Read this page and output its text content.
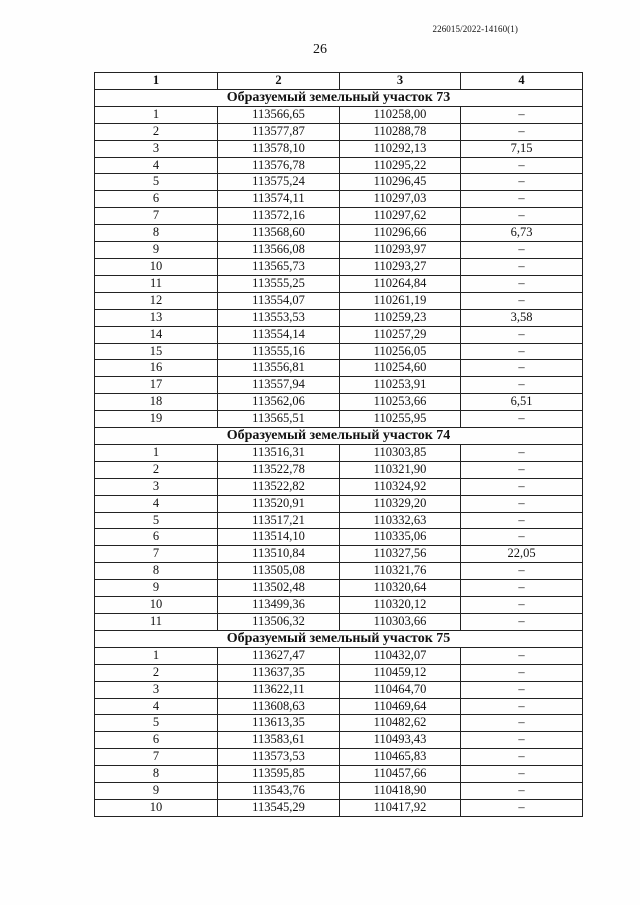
226015/2022-14160(1)
26
1	2	3	4
Образуемый земельный участок 73			
1	113566,65	110258,00	–
2	113577,87	110288,78	–
3	113578,10	110292,13	7,15
4	113576,78	110295,22	–
5	113575,24	110296,45	–
6	113574,11	110297,03	–
7	113572,16	110297,62	–
8	113568,60	110296,66	6,73
9	113566,08	110293,97	–
10	113565,73	110293,27	–
11	113555,25	110264,84	–
12	113554,07	110261,19	–
13	113553,53	110259,23	3,58
14	113554,14	110257,29	–
15	113555,16	110256,05	–
16	113556,81	110254,60	–
17	113557,94	110253,91	–
18	113562,06	110253,66	6,51
19	113565,51	110255,95	–
Образуемый земельный участок 74			
1	113516,31	110303,85	–
2	113522,78	110321,90	–
3	113522,82	110324,92	–
4	113520,91	110329,20	–
5	113517,21	110332,63	–
6	113514,10	110335,06	–
7	113510,84	110327,56	22,05
8	113505,08	110321,76	–
9	113502,48	110320,64	–
10	113499,36	110320,12	–
11	113506,32	110303,66	–
Образуемый земельный участок 75			
1	113627,47	110432,07	–
2	113637,35	110459,12	–
3	113622,11	110464,70	–
4	113608,63	110469,64	–
5	113613,35	110482,62	–
6	113583,61	110493,43	–
7	113573,53	110465,83	–
8	113595,85	110457,66	–
9	113543,76	110418,90	–
10	113545,29	110417,92	–
